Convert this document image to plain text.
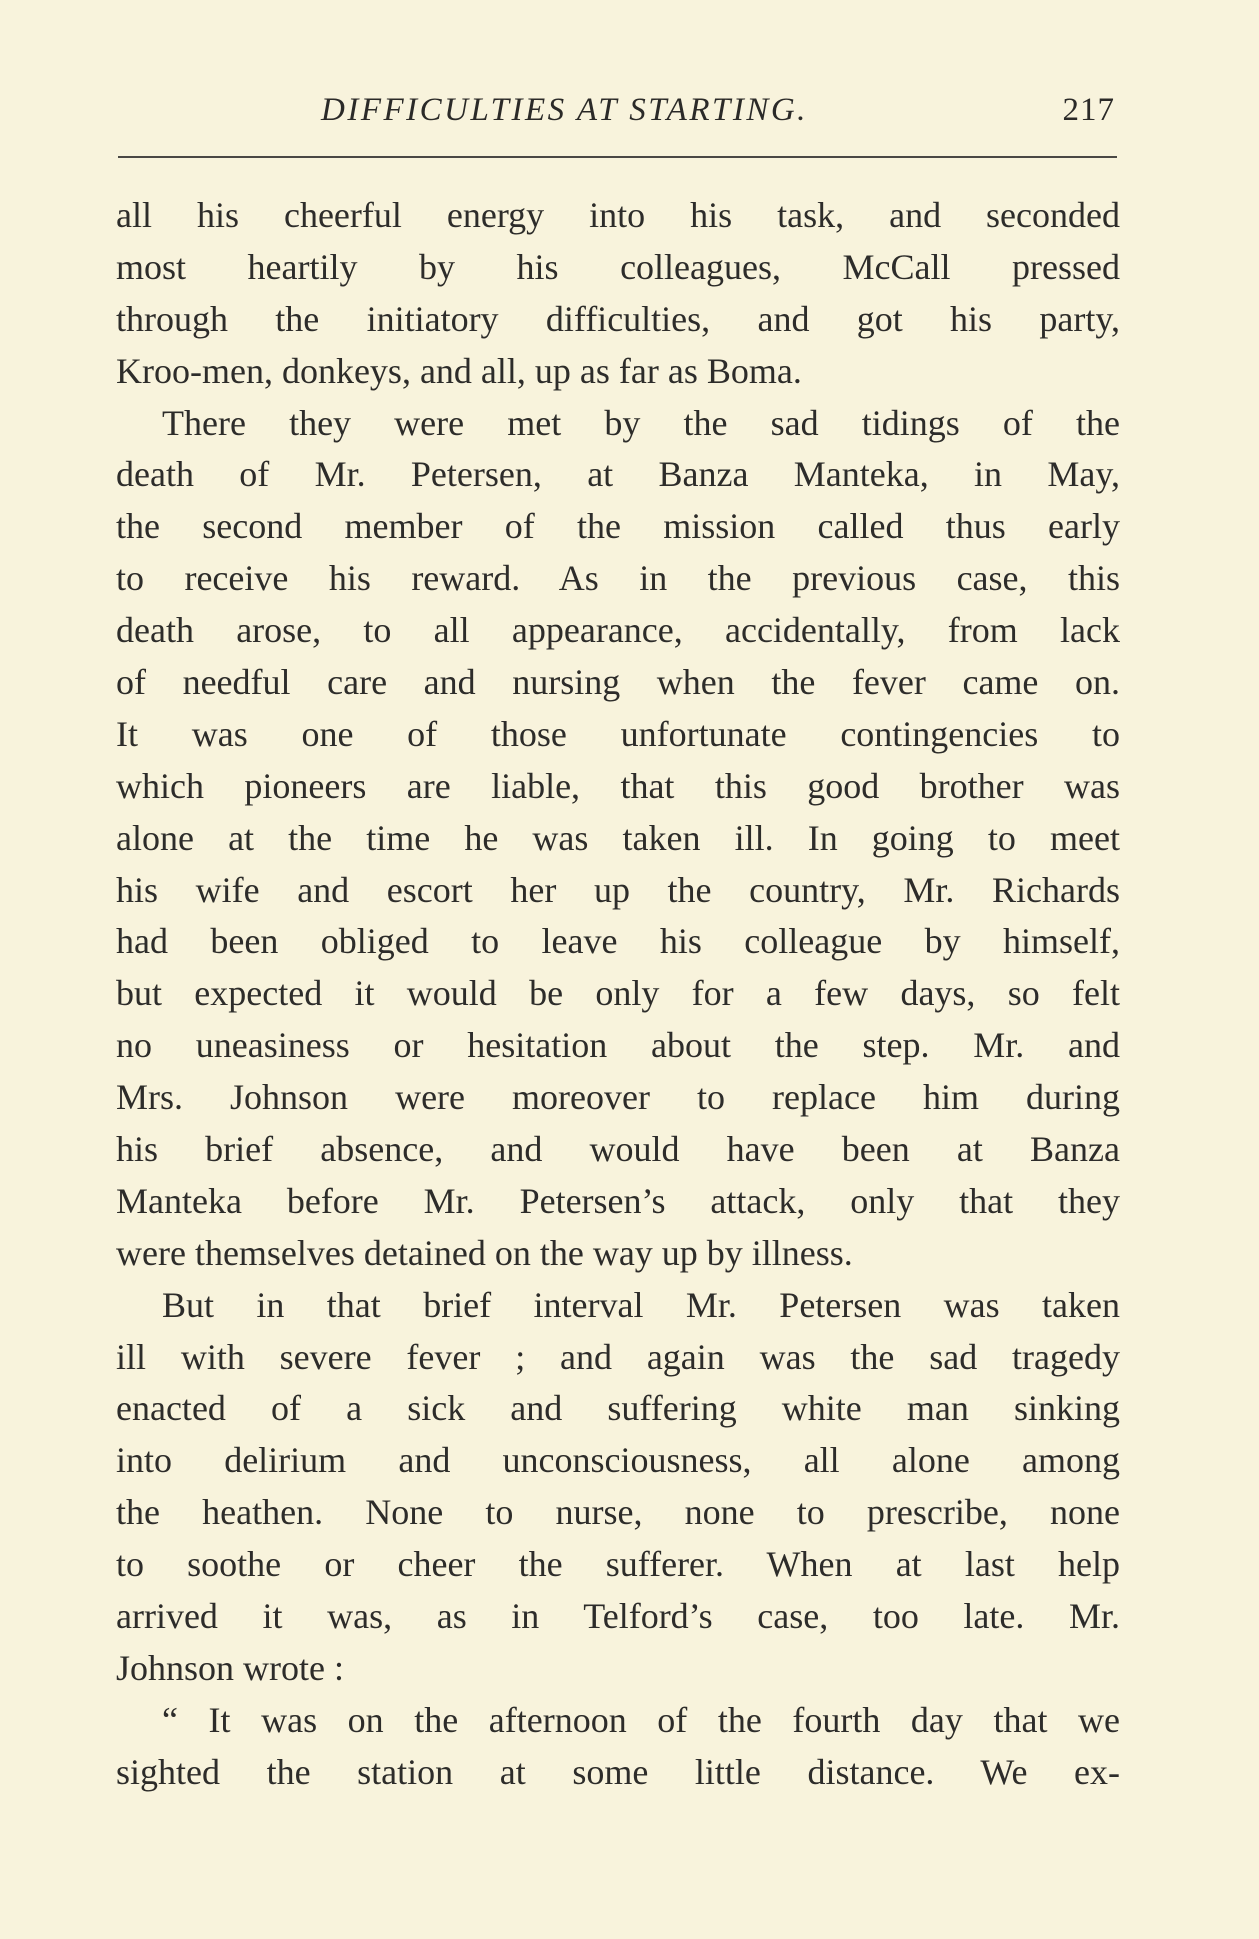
DIFFICULTIES AT STARTING.	217
all his cheerful energy into his task, and seconded
most heartily by his colleagues, McCall pressed
through the initiatory difficulties, and got his party,
Kroo-men, donkeys, and all, up as far as Boma.
There they were met by the sad tidings of the
death of Mr. Petersen, at Banza Manteka, in May,
the second member of the mission called thus early
to receive his reward. As in the previous case, this
death arose, to all appearance, accidentally, from lack
of needful care and nursing when the fever came on.
It was one of those unfortunate contingencies to
which pioneers are liable, that this good brother was
alone at the time he was taken ill. In going to meet
his wife and escort her up the country, Mr. Richards
had been obliged to leave his colleague by himself,
but expected it would be only for a few days, so felt
no uneasiness or hesitation about the step. Mr. and
Mrs. Johnson were moreover to replace him during
his brief absence, and would have been at Banza
Manteka before Mr. Petersen’s attack, only that they
were themselves detained on the way up by illness.
But in that brief interval Mr. Petersen was taken
ill with severe fever ; and again was the sad tragedy
enacted of a sick and suffering white man sinking
into delirium and unconsciousness, all alone among
the heathen. None to nurse, none to prescribe, none
to soothe or cheer the sufferer. When at last help
arrived it was, as in Telford’s case, too late. Mr.
Johnson wrote :
“ It was on the afternoon of the fourth day that we
sighted the station at some little distance. We ex-
